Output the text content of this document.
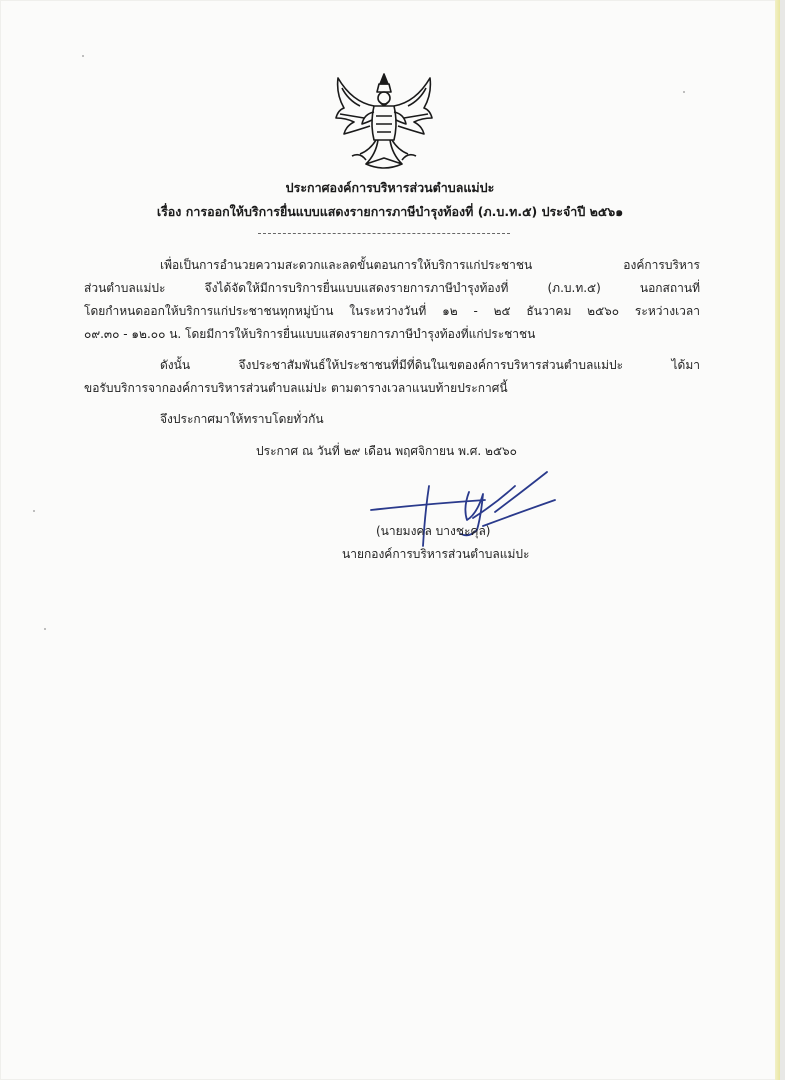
ประกาศองค์การบริหารส่วนตำบลแม่ปะ
เรื่อง การออกให้บริการยื่นแบบแสดงรายการภาษีบำรุงท้องที่ (ภ.บ.ท.๕) ประจำปี ๒๕๖๑
เพื่อเป็นการอำนวยความสะดวกและลดขั้นตอนการให้บริการแก่ประชาชน องค์การบริหาร
ส่วนตำบลแม่ปะ จึงได้จัดให้มีการบริการยื่นแบบแสดงรายการภาษีบำรุงท้องที่ (ภ.บ.ท.๕) นอกสถานที่
โดยกำหนดออกให้บริการแก่ประชาชนทุกหมู่บ้าน ในระหว่างวันที่ ๑๒ - ๒๕ ธันวาคม ๒๕๖๐ ระหว่างเวลา
๐๙.๓๐ - ๑๒.๐๐ น. โดยมีการให้บริการยื่นแบบแสดงรายการภาษีบำรุงท้องที่แก่ประชาชน
ดังนั้น จึงประชาสัมพันธ์ให้ประชาชนที่มีที่ดินในเขตองค์การบริหารส่วนตำบลแม่ปะ ได้มา
ขอรับบริการจากองค์การบริหารส่วนตำบลแม่ปะ ตามตารางเวลาแนบท้ายประกาศนี้
จึงประกาศมาให้ทราบโดยทั่วกัน
ประกาศ ณ วันที่ ๒๙ เดือน พฤศจิกายน พ.ศ. ๒๕๖๐
(นายมงคล บางชะคุล)
นายกองค์การบริหารส่วนตำบลแม่ปะ
